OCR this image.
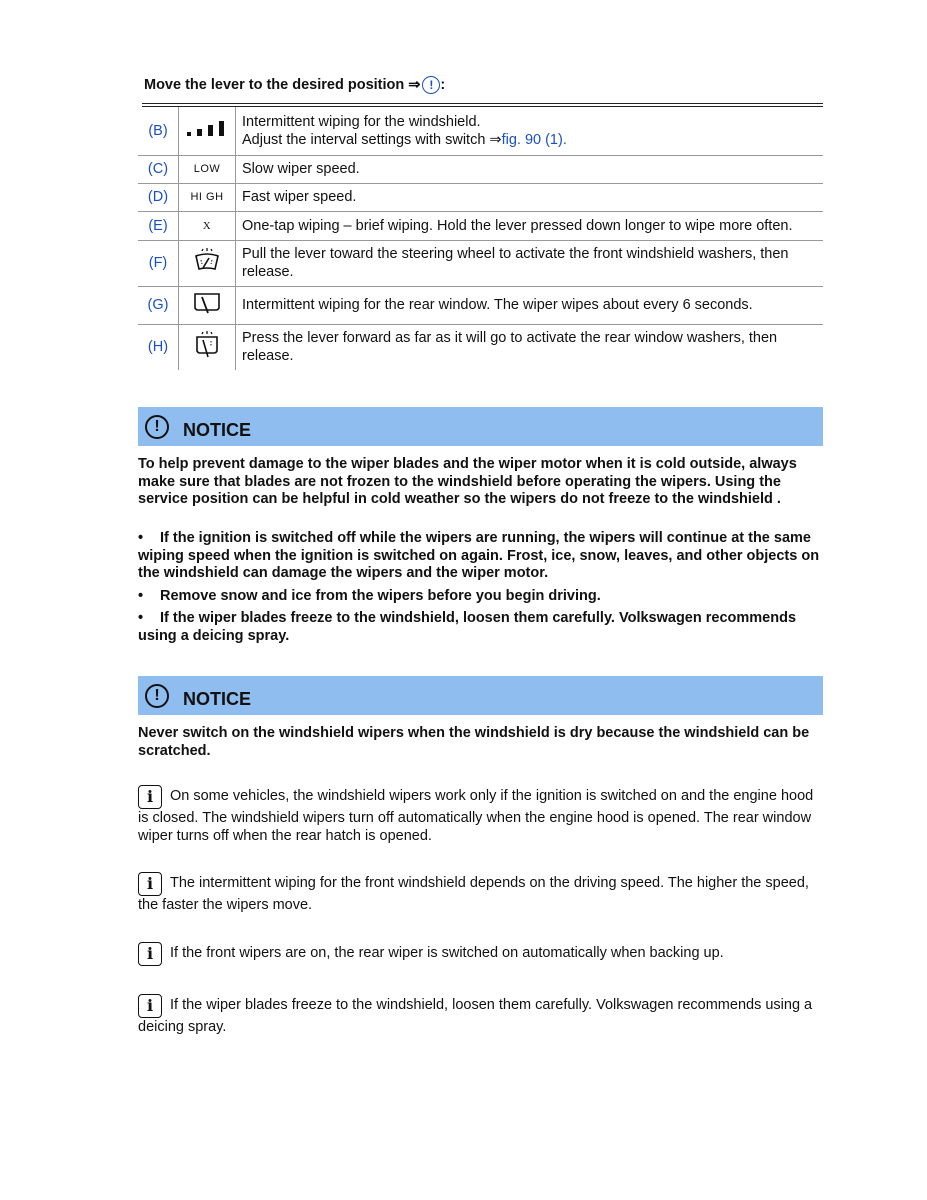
Move the lever to the desired position ⇒ ! :
(B)		Intermittent wiping for the windshield.
Adjust the interval settings with switch ⇒fig. 90 (1).

(C)	LOW	Slow wiper speed.
(D)	HI GH	Fast wiper speed.
(E)	X	One-tap wiping – brief wiping. Hold the lever pressed down longer to wipe more often.
(F)		Pull the lever toward the steering wheel to activate the front windshield washers, then release.
(G)		Intermittent wiping for the rear window. The wiper wipes about every 6 seconds.
(H)		Press the lever forward as far as it will go to activate the rear window washers, then release.
!	NOTICE
To help prevent damage to the wiper blades and the wiper motor when it is cold outside, always make sure that blades are not frozen to the windshield before operating the wipers. Using the service position can be helpful in cold weather so the wipers do not freeze to the windshield .
• If the ignition is switched off while the wipers are running, the wipers will continue at the same wiping speed when the ignition is switched on again. Frost, ice, snow, leaves, and other objects on the windshield can damage the wipers and the wiper motor.
• Remove snow and ice from the wipers before you begin driving.
• If the wiper blades freeze to the windshield, loosen them carefully. Volkswagen recommends using a deicing spray.
!	NOTICE
Never switch on the windshield wipers when the windshield is dry because the windshield can be scratched.
i On some vehicles, the windshield wipers work only if the ignition is switched on and the engine hood is closed. The windshield wipers turn off automatically when the engine hood is opened. The rear window wiper turns off when the rear hatch is opened.
i The intermittent wiping for the front windshield depends on the driving speed. The higher the speed, the faster the wipers move.
i If the front wipers are on, the rear wiper is switched on automatically when backing up.
i If the wiper blades freeze to the windshield, loosen them carefully. Volkswagen recommends using a deicing spray.
